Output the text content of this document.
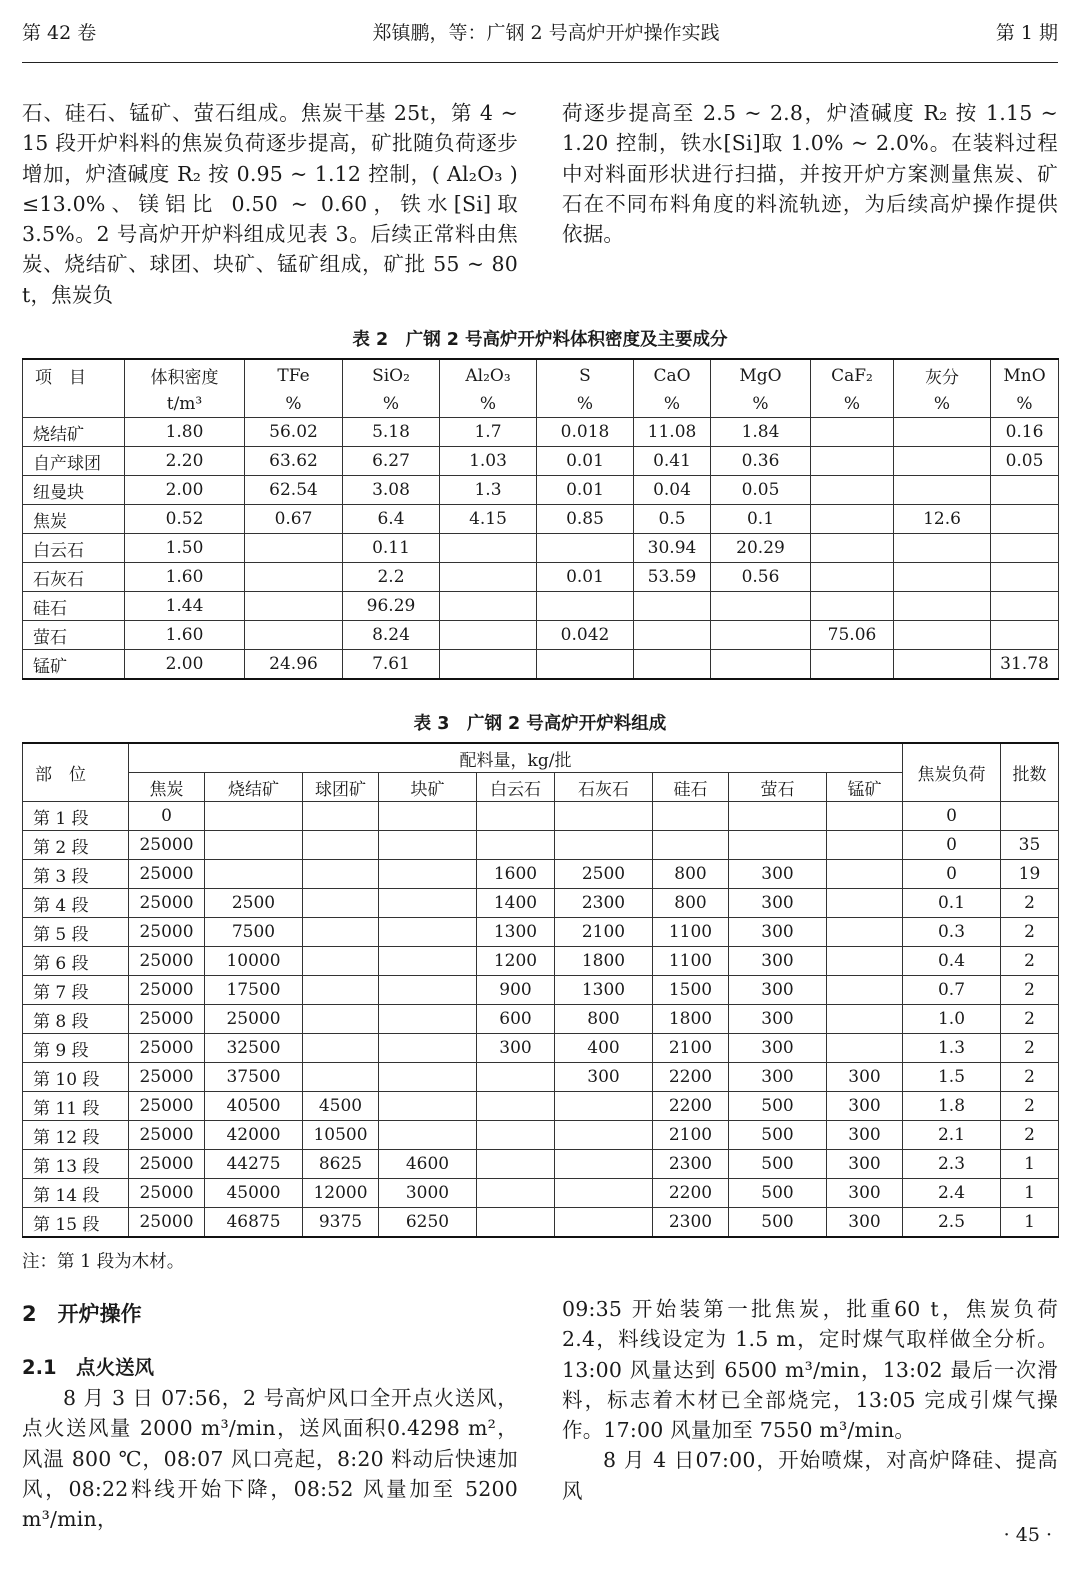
第 42 卷	郑镇鹏，等：广钢 2 号高炉开炉操作实践	第 1 期

石、硅石、锰矿、萤石组成。焦炭干基 25t，第 4 ~ 15 段开炉料料的焦炭负荷逐步提高，矿批随负荷逐步增加，炉渣碱度 R₂ 按 0.95 ~ 1.12 控制，( Al₂O₃ ) ≤13.0%、镁铝比 0.50 ~ 0.60，铁水[Si]取 3.5%。2 号高炉开炉料组成见表 3。后续正常料由焦炭、烧结矿、球团、块矿、锰矿组成，矿批 55 ~ 80 t，焦炭负

荷逐步提高至 2.5 ~ 2.8，炉渣碱度 R₂ 按 1.15 ~ 1.20 控制，铁水[Si]取 1.0% ~ 2.0%。在装料过程中对料面形状进行扫描，并按开炉方案测量焦炭、矿石在不同布料角度的料流轨迹，为后续高炉操作提供依据。

表 2　广钢 2 号高炉开炉料体积密度及主要成分
项　目	体积密度	TFe	SiO₂	Al₂O₃	S	CaO	MgO	CaF₂	灰分	MnO
	t/m³	%	%	%	%	%	%	%	%	%
烧结矿	1.80	56.02	5.18	1.7	0.018	11.08	1.84			0.16
自产球团	2.20	63.62	6.27	1.03	0.01	0.41	0.36			0.05
纽曼块	2.00	62.54	3.08	1.3	0.01	0.04	0.05			
焦炭	0.52	0.67	6.4	4.15	0.85	0.5	0.1		12.6	
白云石	1.50		0.11			30.94	20.29			
石灰石	1.60		2.2		0.01	53.59	0.56			
硅石	1.44		96.29							
萤石	1.60		8.24		0.042			75.06		
锰矿	2.00	24.96	7.61							31.78
表 3　广钢 2 号高炉开炉料组成
部　位	配料量，kg/批									焦炭负荷	批数
	焦炭	烧结矿	球团矿	块矿	白云石	石灰石	硅石	萤石	锰矿		
第 1 段	0									0	
第 2 段	25000									0	35
第 3 段	25000				1600	2500	800	300		0	19
第 4 段	25000	2500			1400	2300	800	300		0.1	2
第 5 段	25000	7500			1300	2100	1100	300		0.3	2
第 6 段	25000	10000			1200	1800	1100	300		0.4	2
第 7 段	25000	17500			900	1300	1500	300		0.7	2
第 8 段	25000	25000			600	800	1800	300		1.0	2
第 9 段	25000	32500			300	400	2100	300		1.3	2
第 10 段	25000	37500				300	2200	300	300	1.5	2
第 11 段	25000	40500	4500				2200	500	300	1.8	2
第 12 段	25000	42000	10500				2100	500	300	2.1	2
第 13 段	25000	44275	8625	4600			2300	500	300	2.3	1
第 14 段	25000	45000	12000	3000			2200	500	300	2.4	1
第 15 段	25000	46875	9375	6250			2300	500	300	2.5	1
注：第 1 段为木材。
2　开炉操作
2.1　点火送风

8 月 3 日 07:56，2 号高炉风口全开点火送风，点火送风量 2000 m³/min，送风面积0.4298 m²，风温 800 ℃，08:07 风口亮起，8:20 料动后快速加风，08:22料线开始下降，08:52 风量加至 5200 m³/min，

09:35 开始装第一批焦炭，批重60 t，焦炭负荷 2.4，料线设定为 1.5 m，定时煤气取样做全分析。13:00 风量达到 6500 m³/min，13:02 最后一次滑料，标志着木材已全部烧完，13:05 完成引煤气操作。17:00 风量加至 7550 m³/min。

8 月 4 日07:00，开始喷煤，对高炉降硅、提高风

· 45 ·
